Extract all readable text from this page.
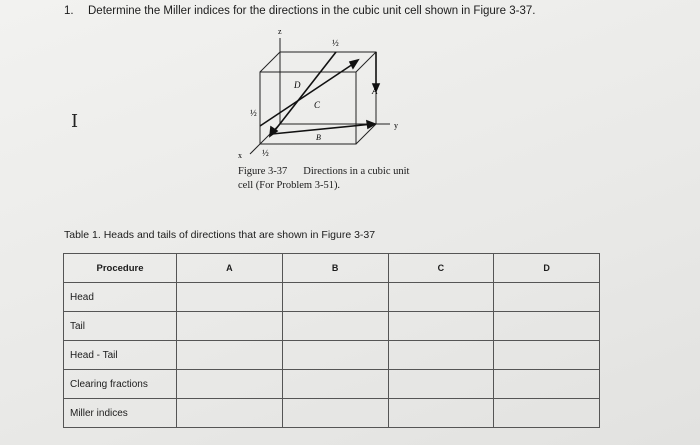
1. Determine the Miller indices for the directions in the cubic unit cell shown in Figure 3-37.
I
z
½
D
A
C
½
B
y
½
x
Figure 3-37 Directions in a cubic unit
cell (For Problem 3-51).
Table 1. Heads and tails of directions that are shown in Figure 3-37
Procedure	A	B	C	D
Head				
Tail				
Head - Tail				
Clearing fractions				
Miller indices				
